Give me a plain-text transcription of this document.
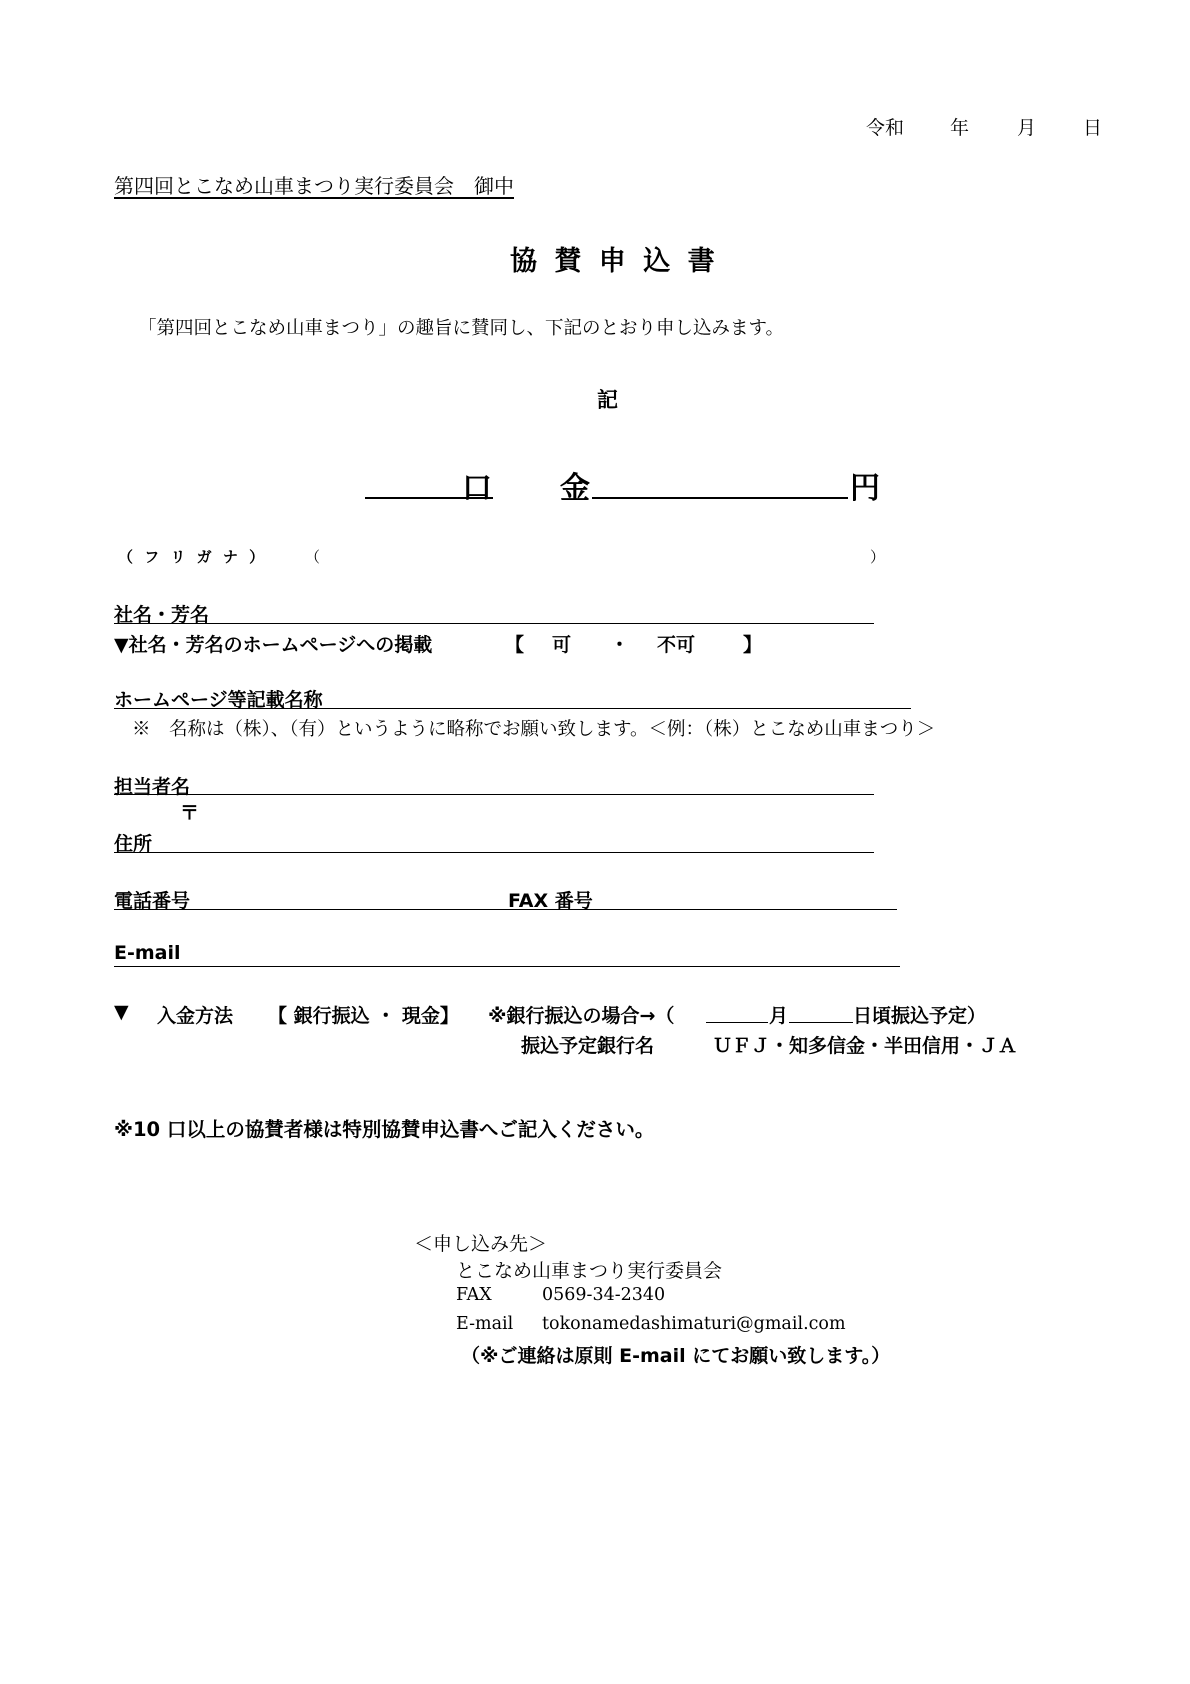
令和 年	月 日
第四回とこなめ山車まつり実行委員会　御中
協 賛 申 込 書
「第四回とこなめ山車まつり」の趣旨に賛同し、下記のとおり申し込みます。
記
口 金	円
（ フ リ ガ ナ ）	（	）
社名・芳名
▼社名・芳名のホームページへの掲載	【 可 ・ 不可	】
ホームページ等記載名称
※　名称は（株）、（有）というように略称でお願い致します。＜例：（株）とこなめ山車まつり＞
担当者名
〒
住所
電話番号	FAX 番号
E-mail
▼ 入金方法 【 銀行振込 ・ 現金】 ※銀行振込の場合→（	月	日頃振込予定）
振込予定銀行名	ＵＦＪ・知多信金・半田信用・ＪＡ
※10 口以上の協賛者様は特別協賛申込書へご記入ください。
＜申し込み先＞
とこなめ山車まつり実行委員会
FAX	0569-34-2340
E-mail tokonamedashimaturi@gmail.com
（※ご連絡は原則 E-mail にてお願い致します。）
